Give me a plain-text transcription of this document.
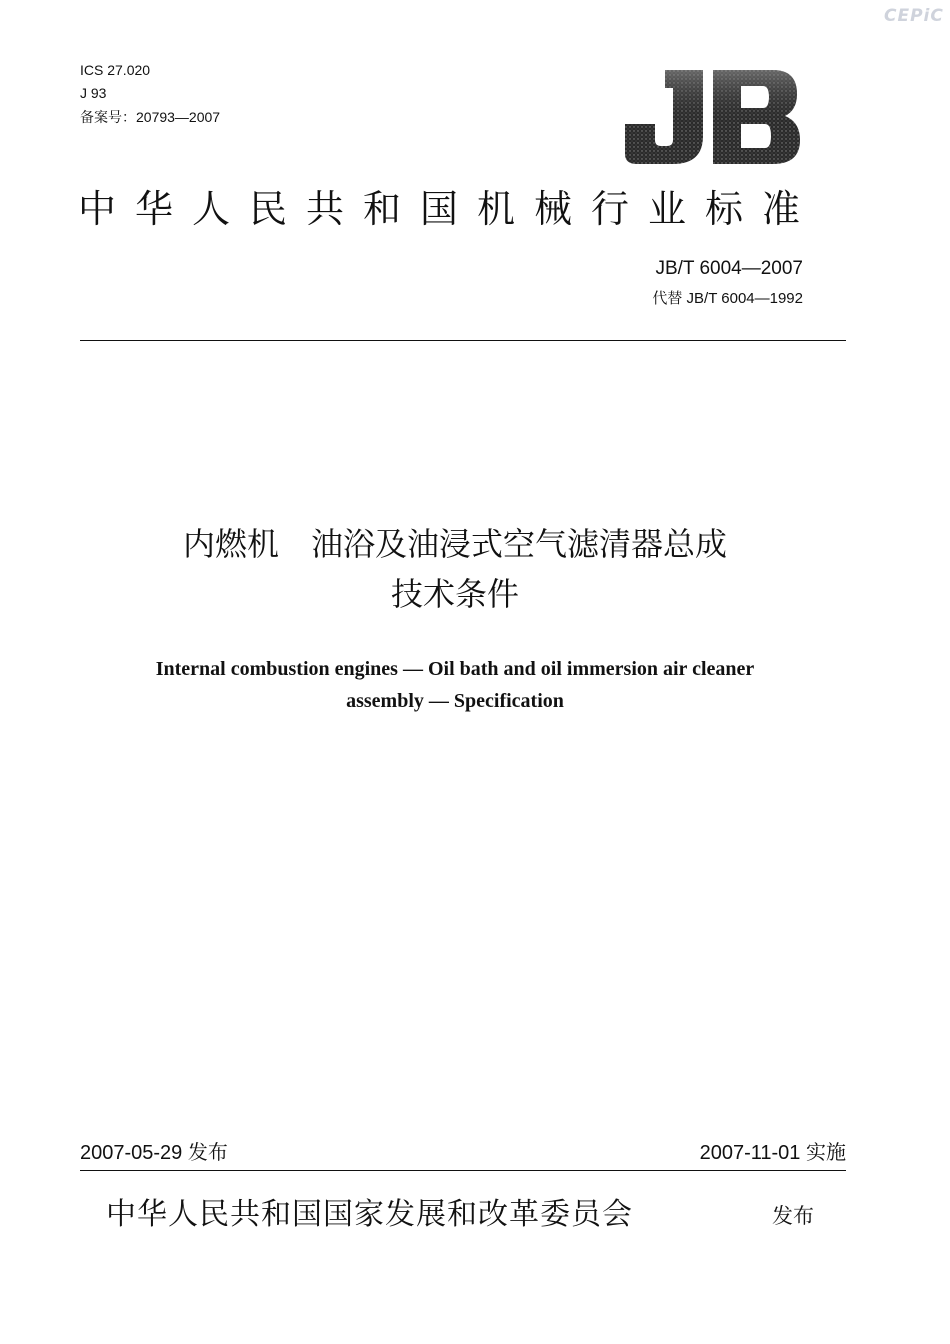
CEPiC
ICS 27.020
J 93
备案号：20793—2007
中华人民共和国机械行业标准
JB/T 6004—2007
代替 JB/T 6004—1992
内燃机　油浴及油浸式空气滤清器总成
技术条件
Internal combustion engines — Oil bath and oil immersion air cleaner
assembly — Specification
2007-05-29 发布	2007-11-01 实施
中华人民共和国国家发展和改革委员会	发布
